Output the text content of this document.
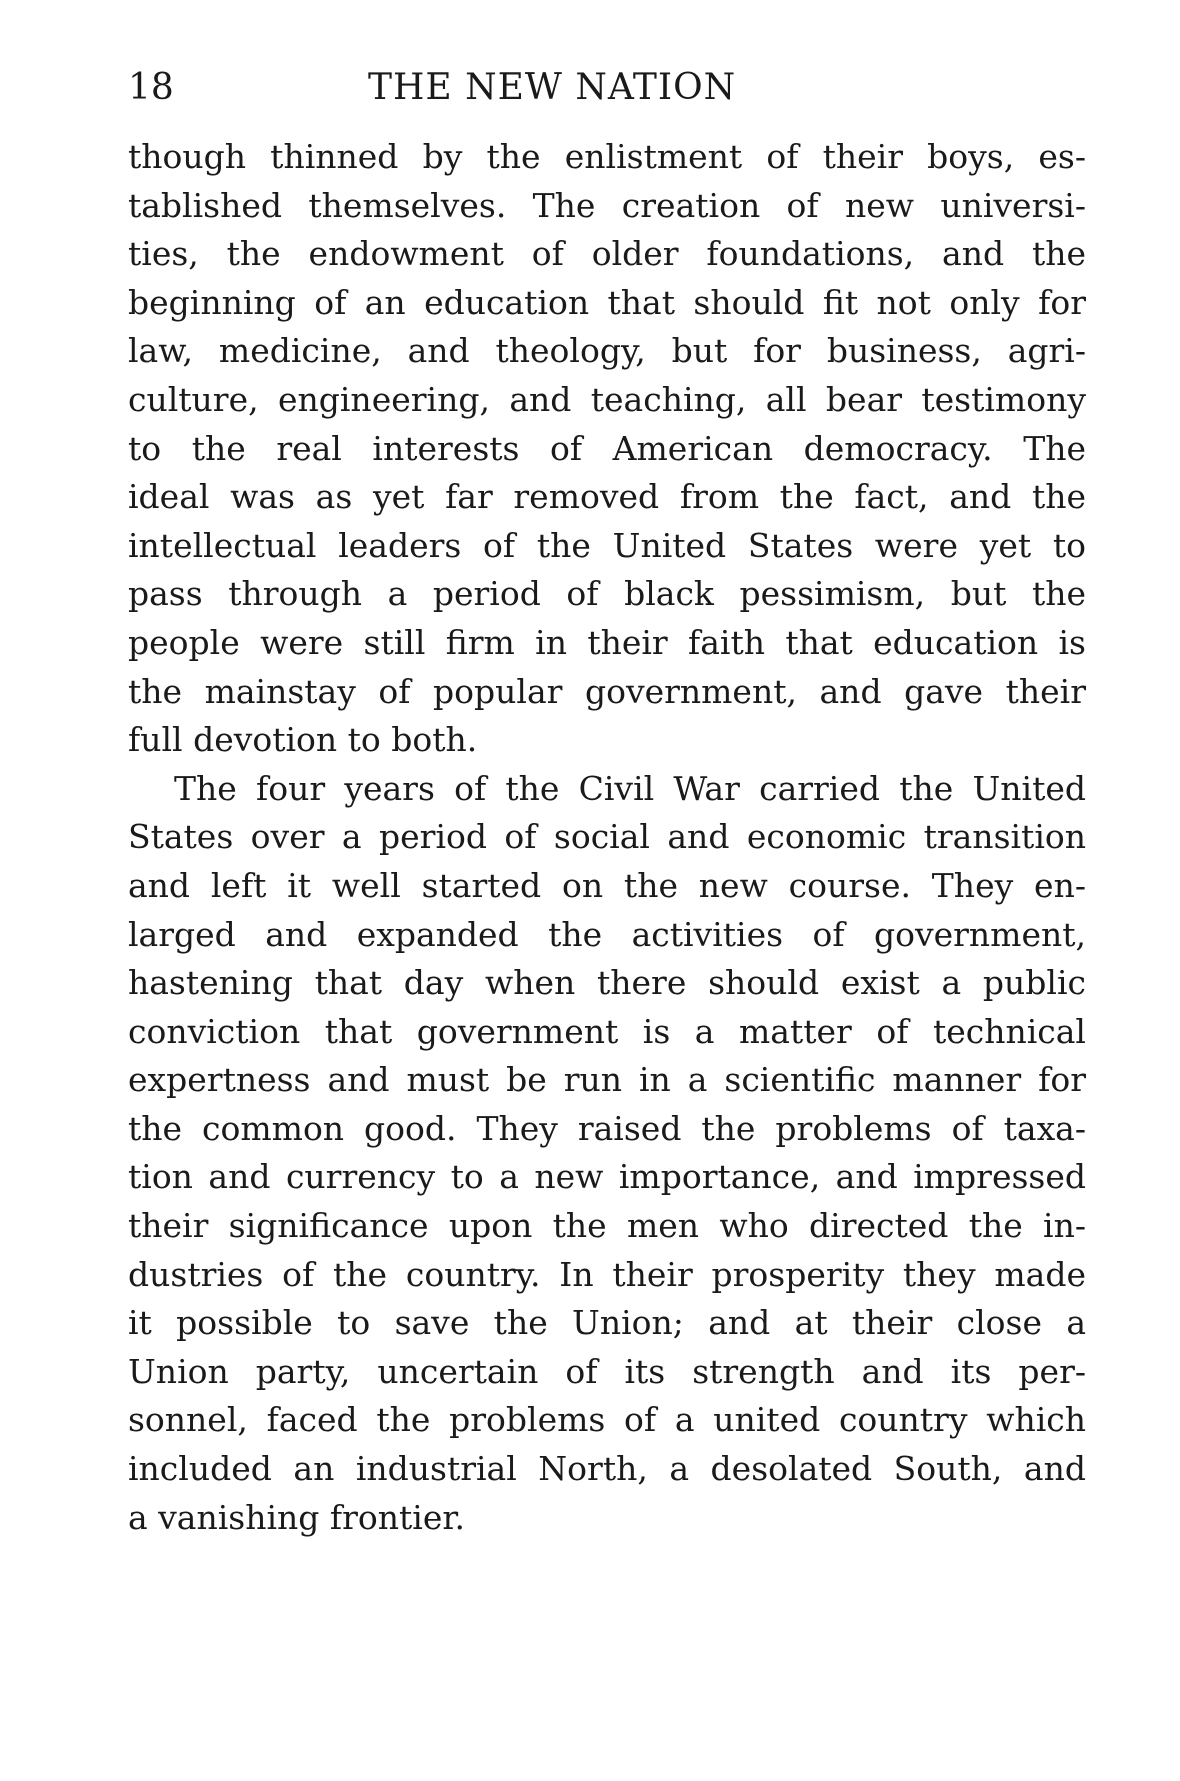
18	THE NEW NATION
though thinned by the enlistment of their boys, es-
tablished themselves. The creation of new universi-
ties, the endowment of older foundations, and the
beginning of an education that should fit not only for
law, medicine, and theology, but for business, agri-
culture, engineering, and teaching, all bear testimony
to the real interests of American democracy. The
ideal was as yet far removed from the fact, and the
intellectual leaders of the United States were yet to
pass through a period of black pessimism, but the
people were still firm in their faith that education is
the mainstay of popular government, and gave their
full devotion to both.
The four years of the Civil War carried the United
States over a period of social and economic transition
and left it well started on the new course. They en-
larged and expanded the activities of government,
hastening that day when there should exist a public
conviction that government is a matter of technical
expertness and must be run in a scientific manner for
the common good. They raised the problems of taxa-
tion and currency to a new importance, and impressed
their significance upon the men who directed the in-
dustries of the country. In their prosperity they made
it possible to save the Union; and at their close a
Union party, uncertain of its strength and its per-
sonnel, faced the problems of a united country which
included an industrial North, a desolated South, and
a vanishing frontier.
